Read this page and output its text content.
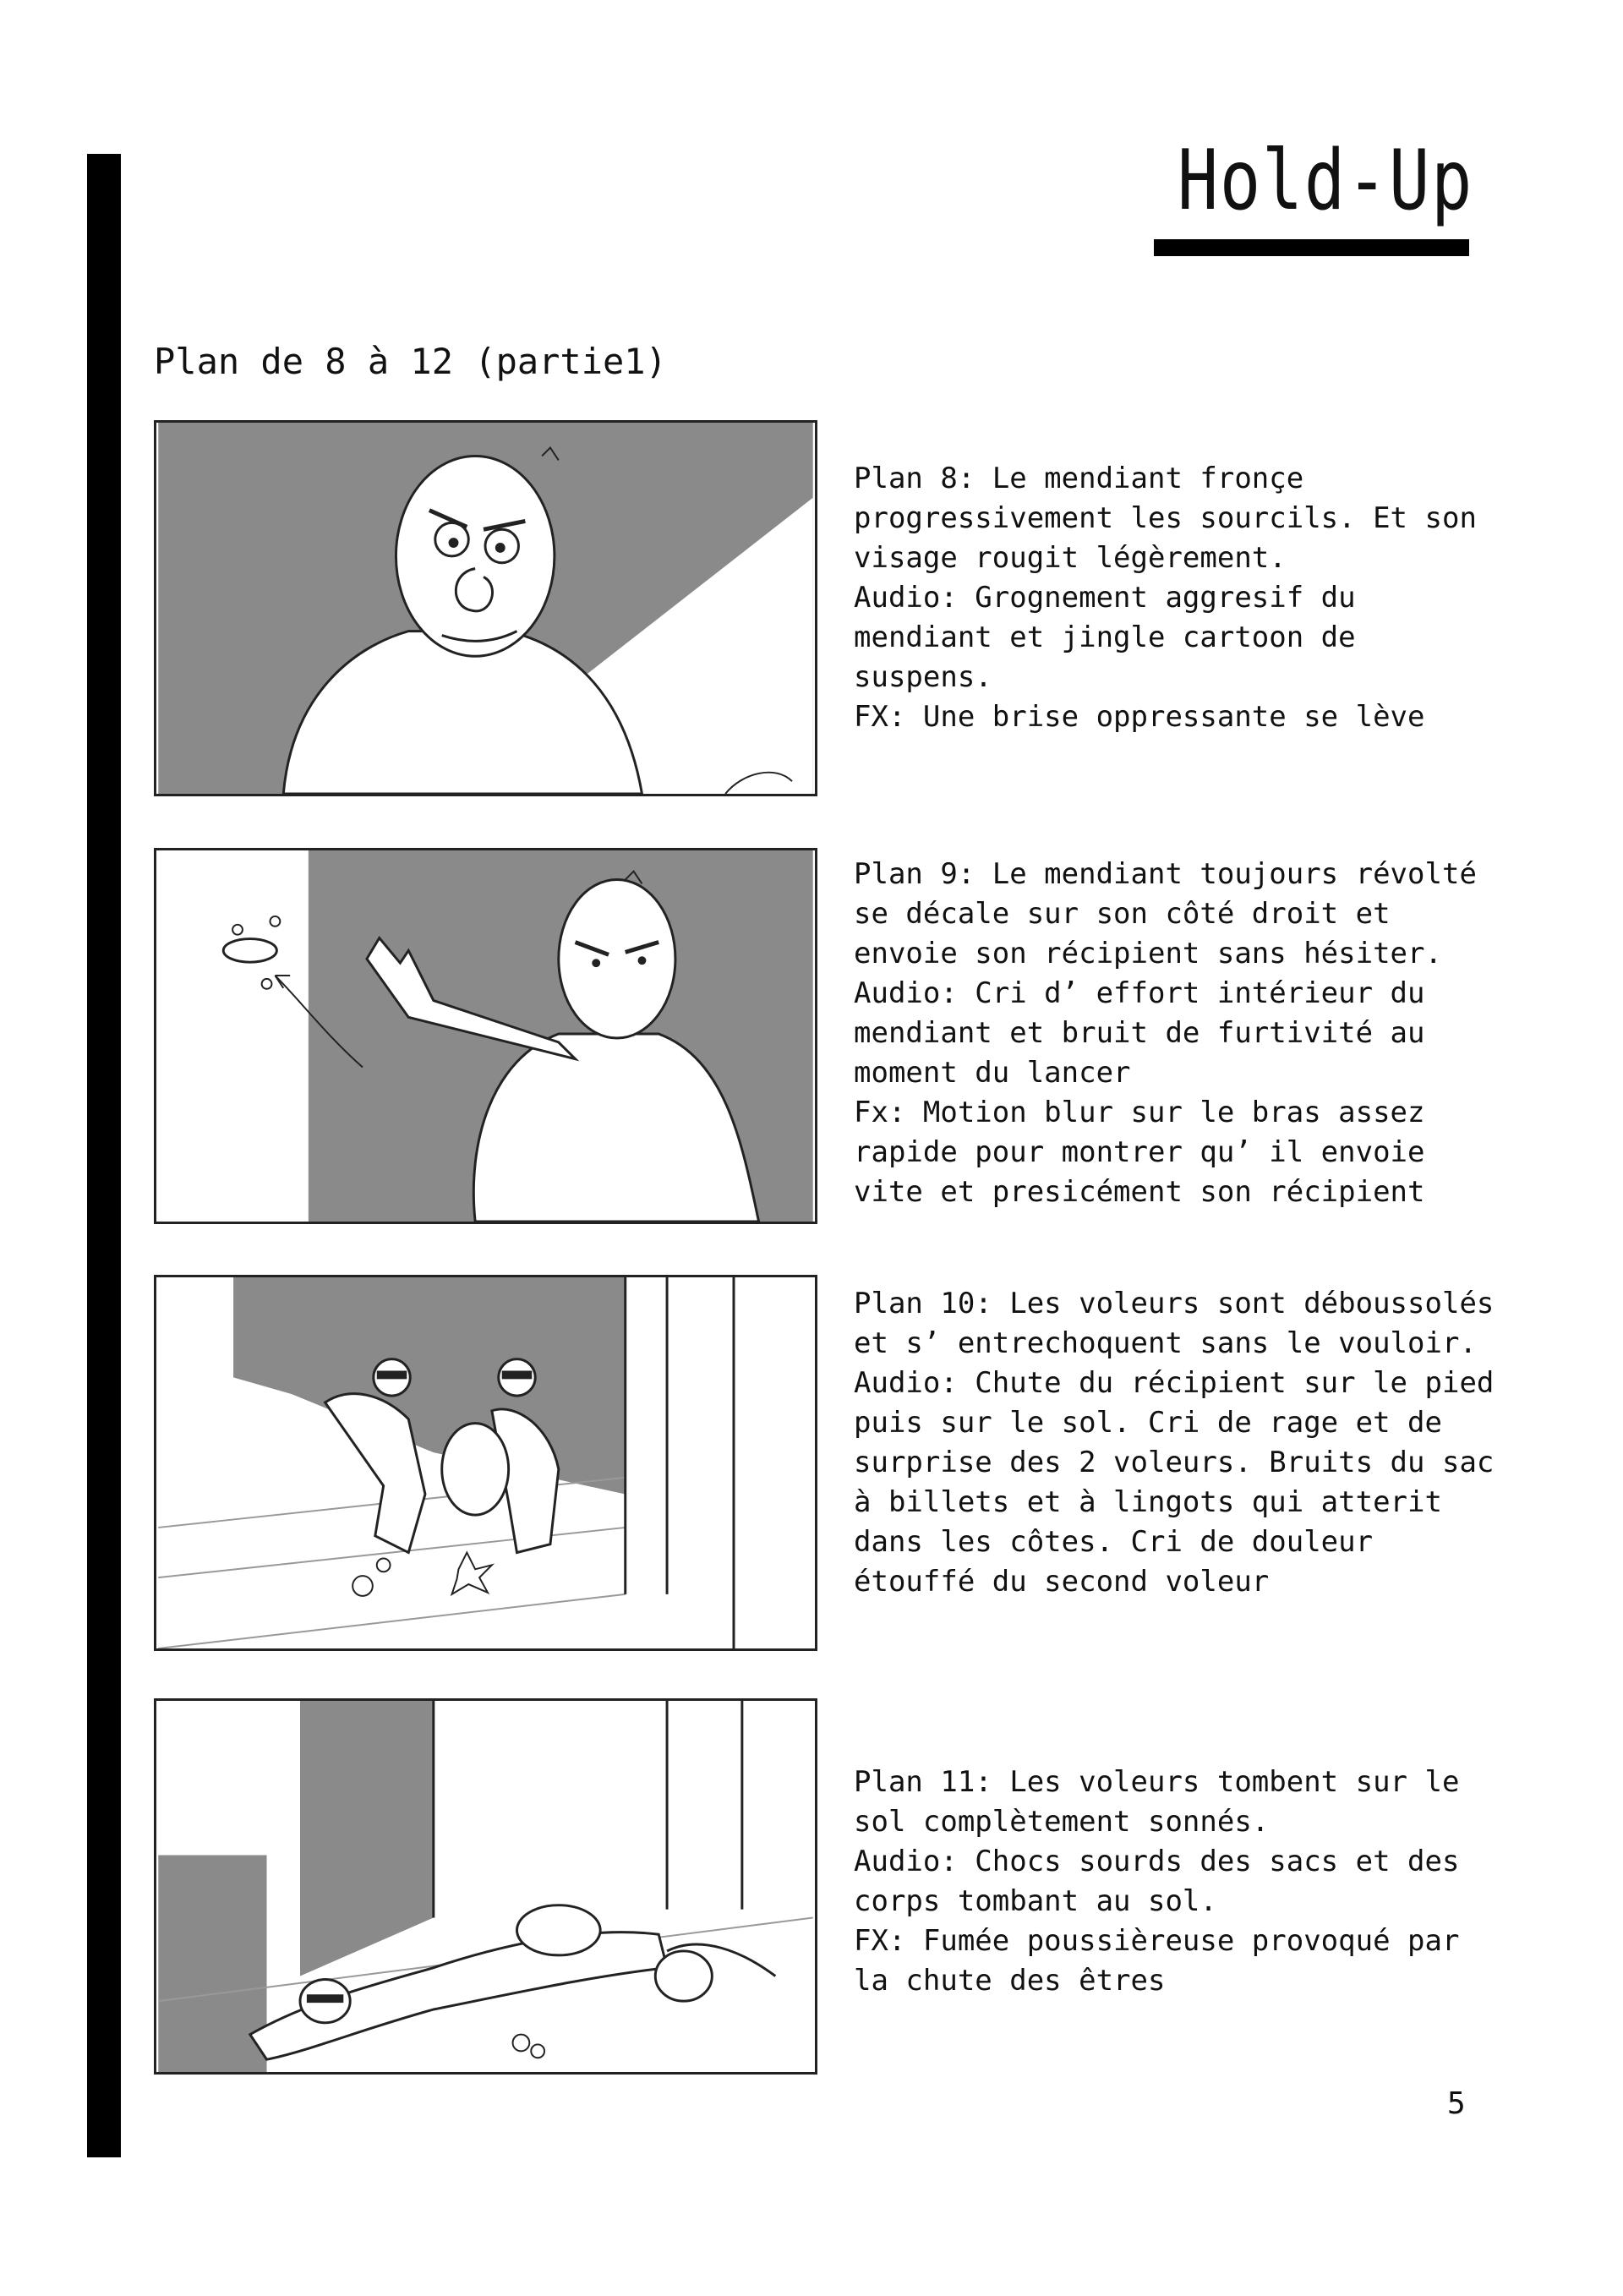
Hold-Up
Plan de 8 à 12 (partie1)
Plan 8: Le mendiant fronçe
progressivement les sourcils. Et son
visage rougit légèrement.
Audio: Grognement aggresif du
mendiant et jingle cartoon de
suspens.
FX: Une brise oppressante se lève
Plan 9: Le mendiant toujours révolté
se décale sur son côté droit et
envoie son récipient sans hésiter.
Audio: Cri d’ effort intérieur du
mendiant et bruit de furtivité au
moment du lancer
Fx: Motion blur sur le bras assez
rapide pour montrer qu’ il envoie
vite et presicément son récipient
Plan 10: Les voleurs sont déboussolés
et s’ entrechoquent sans le vouloir.
Audio: Chute du récipient sur le pied
puis sur le sol. Cri de rage et de
surprise des 2 voleurs. Bruits du sac
à billets et à lingots qui atterit
dans les côtes. Cri de douleur
étouffé du second voleur
Plan 11: Les voleurs tombent sur le
sol complètement sonnés.
Audio: Chocs sourds des sacs et des
corps tombant au sol.
FX: Fumée poussièreuse provoqué par
la chute des êtres
5
